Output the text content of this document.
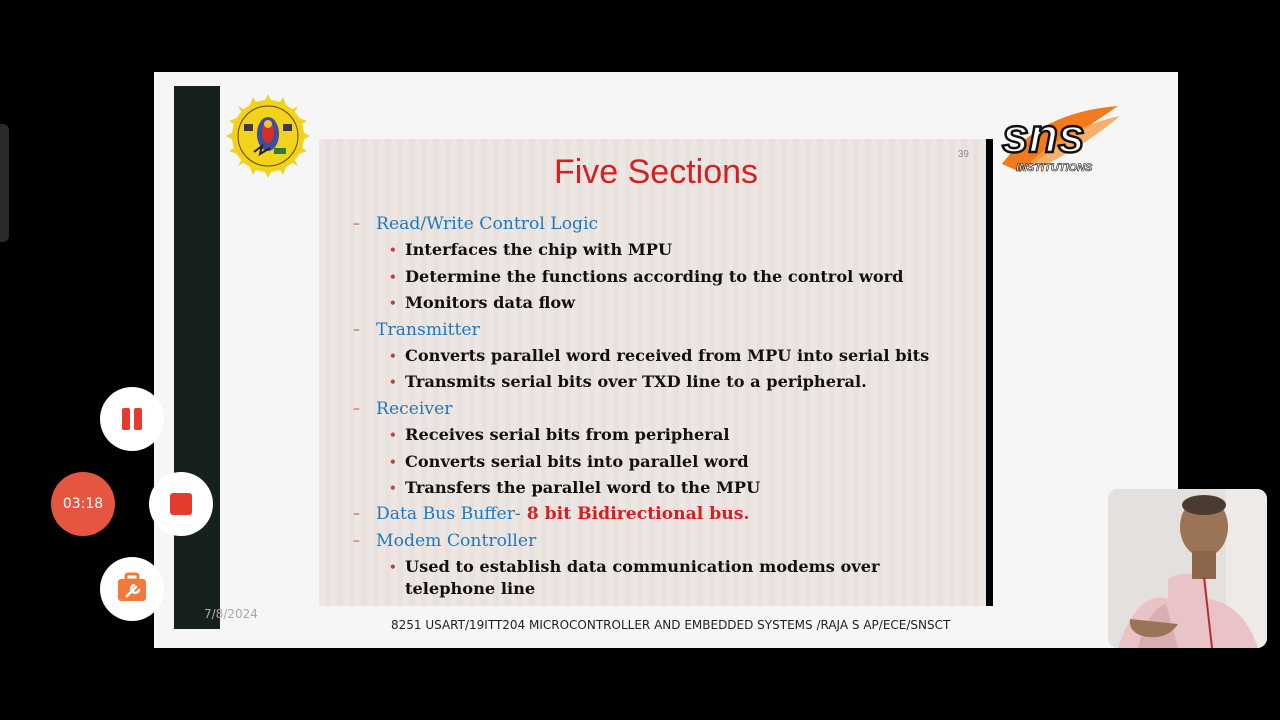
sns
INSTITUTIONS
39
Five Sections
– Read/Write Control Logic
• Interfaces the chip with MPU
• Determine the functions according to the control word
• Monitors data flow
– Transmitter
• Converts parallel word received from MPU into serial bits
• Transmits serial bits over TXD line to a peripheral.
– Receiver
• Receives serial bits from peripheral
• Converts serial bits into parallel word
• Transfers the parallel word to the MPU
– Data Bus Buffer- 8 bit Bidirectional bus.
– Modem Controller
• Used to establish data communication modems over telephone line
7/8/2024
8251 USART/19ITT204 MICROCONTROLLER AND EMBEDDED SYSTEMS /RAJA S AP/ECE/SNSCT
03:18
